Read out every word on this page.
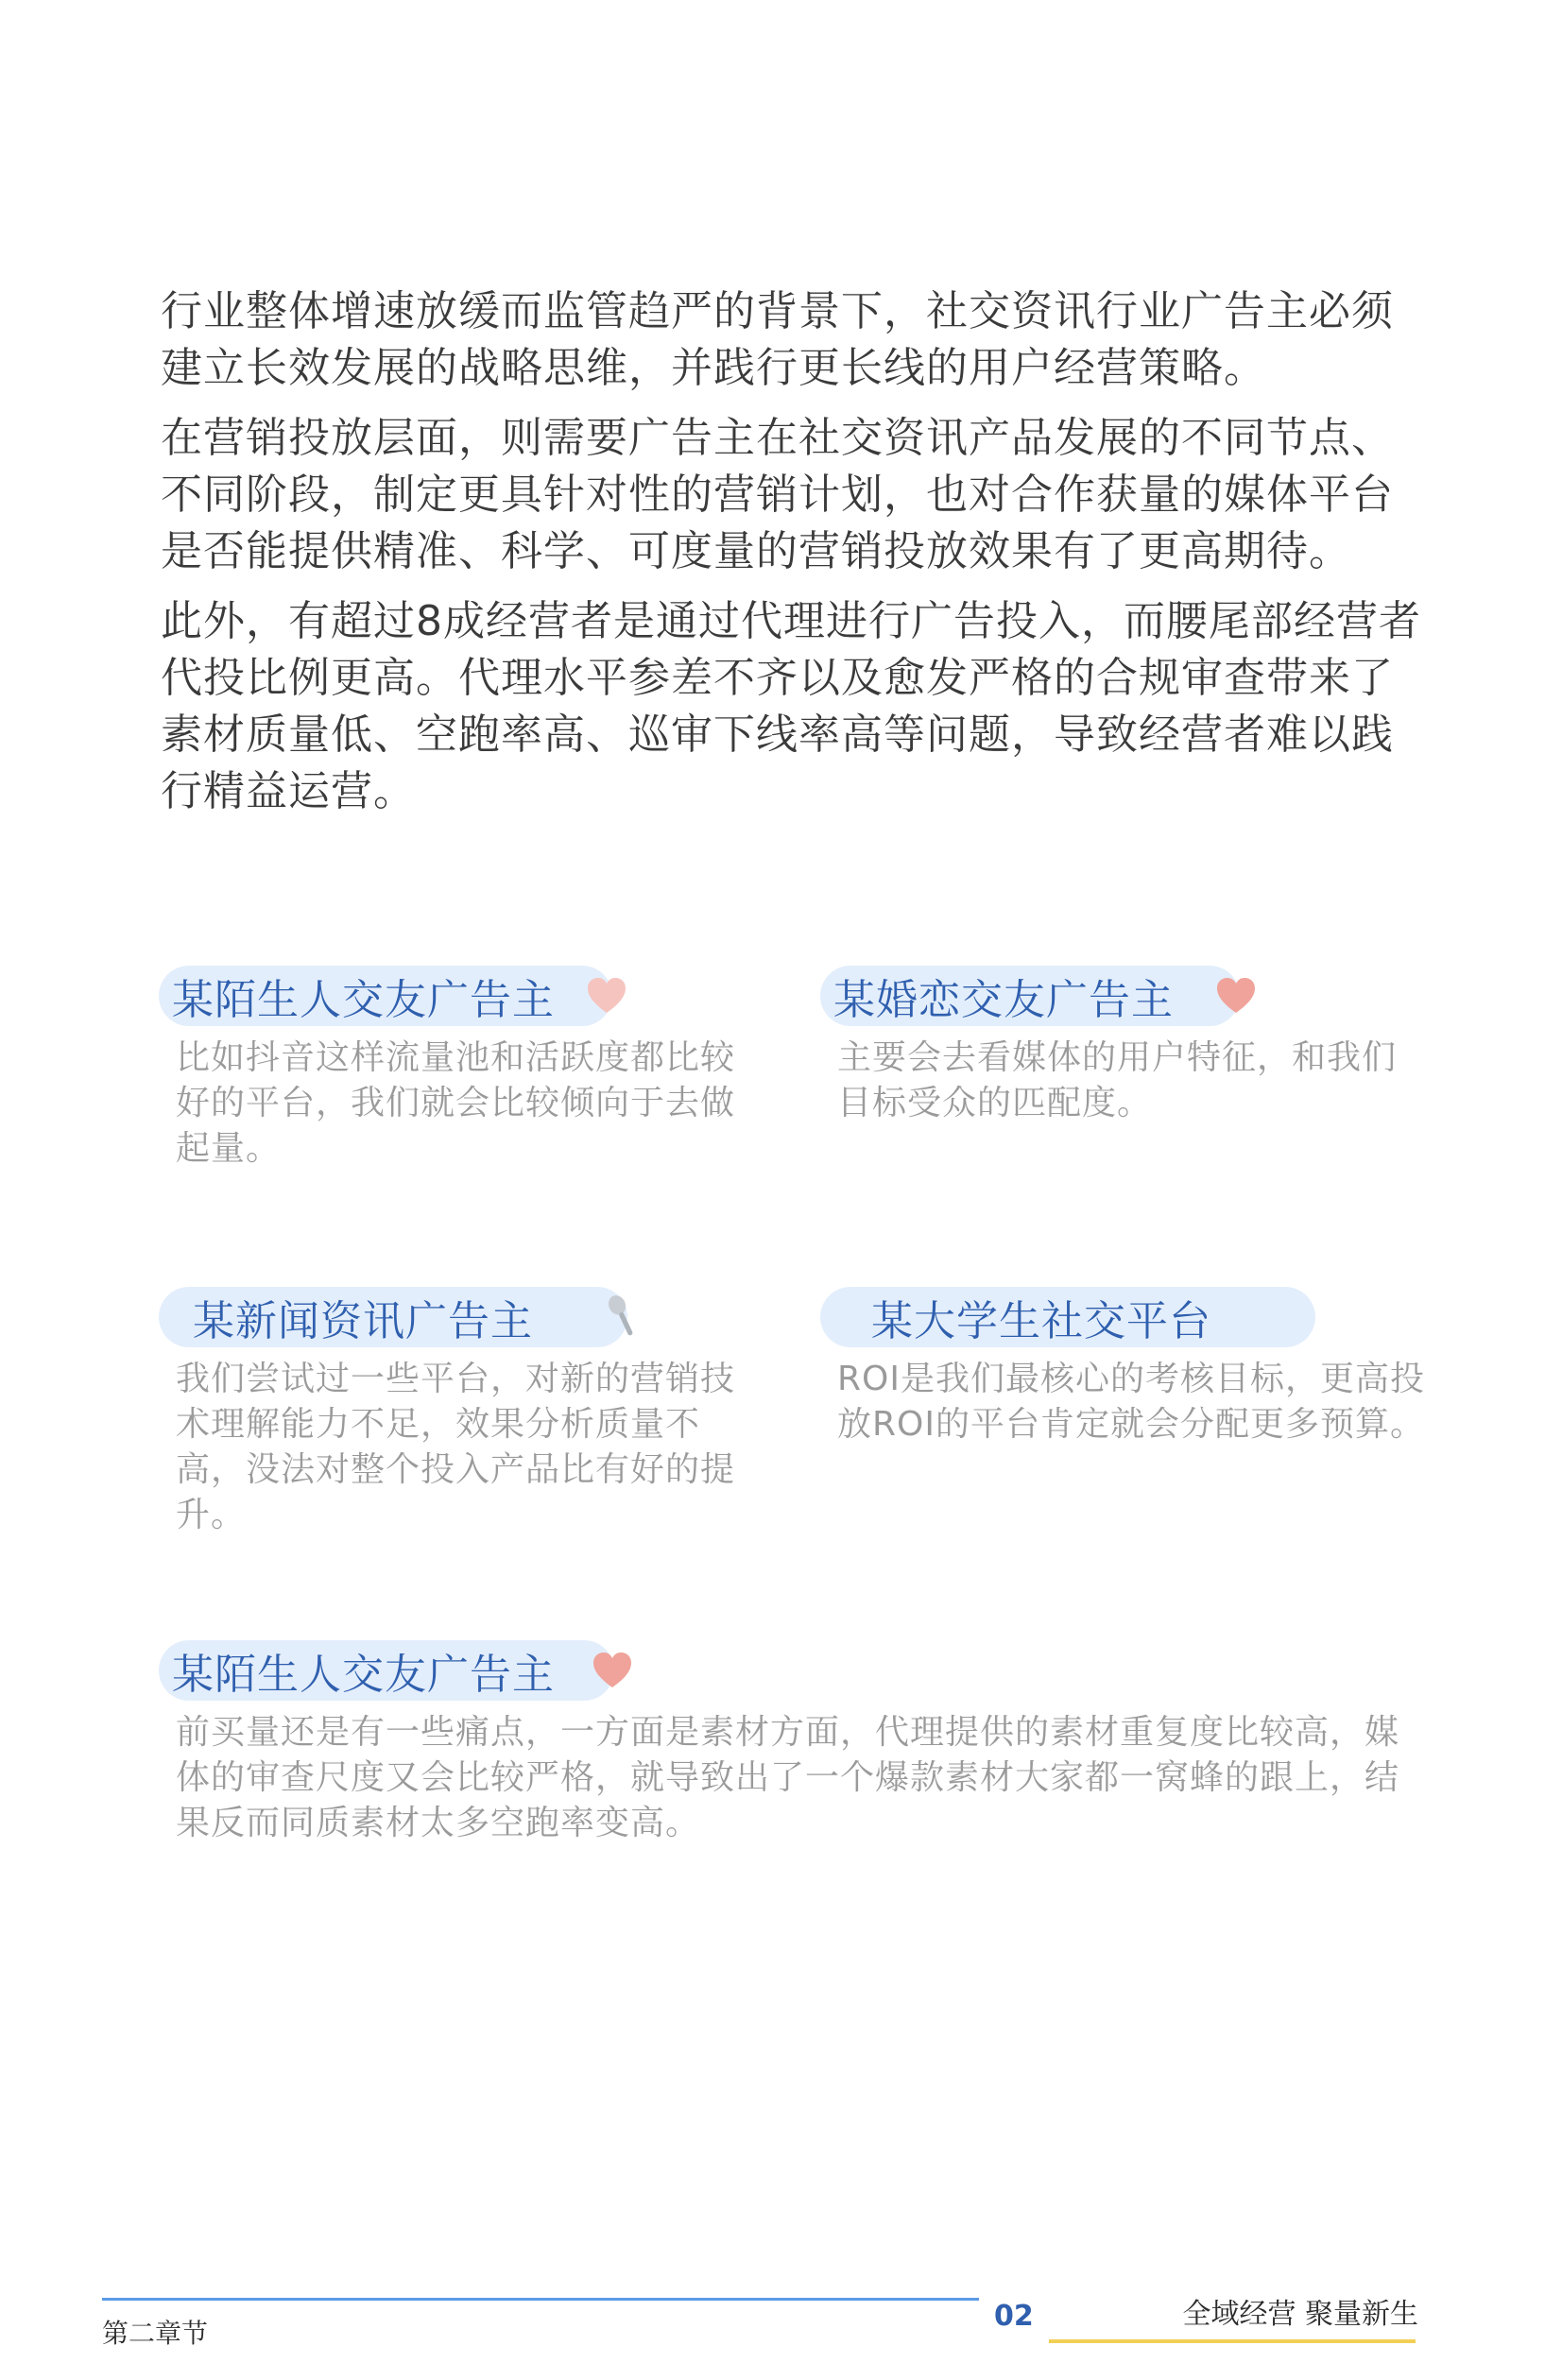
行业整体增速放缓而监管趋严的背景下，社交资讯行业广告主必须建立长效发展的战略思维，并践行更长线的用户经营策略。

在营销投放层面，则需要广告主在社交资讯产品发展的不同节点、不同阶段，制定更具针对性的营销计划，也对合作获量的媒体平台是否能提供精准、科学、可度量的营销投放效果有了更高期待。

此外，有超过8成经营者是通过代理进行广告投入，而腰尾部经营者代投比例更高。代理水平参差不齐以及愈发严格的合规审查带来了素材质量低、空跑率高、巡审下线率高等问题，导致经营者难以践行精益运营。

某陌生人交友广告主
比如抖音这样流量池和活跃度都比较好的平台，我们就会比较倾向于去做起量。
某婚恋交友广告主
主要会去看媒体的用户特征，和我们目标受众的匹配度。
某新闻资讯广告主
我们尝试过一些平台，对新的营销技术理解能力不足，效果分析质量不高，没法对整个投入产品比有好的提升。
某大学生社交平台
ROI是我们最核心的考核目标，更高投放ROI的平台肯定就会分配更多预算。
某陌生人交友广告主
前买量还是有一些痛点，一方面是素材方面，代理提供的素材重复度比较高，媒体的审查尺度又会比较严格，就导致出了一个爆款素材大家都一窝蜂的跟上，结果反而同质素材太多空跑率变高。
第二章节
02	全域经营 聚量新生
